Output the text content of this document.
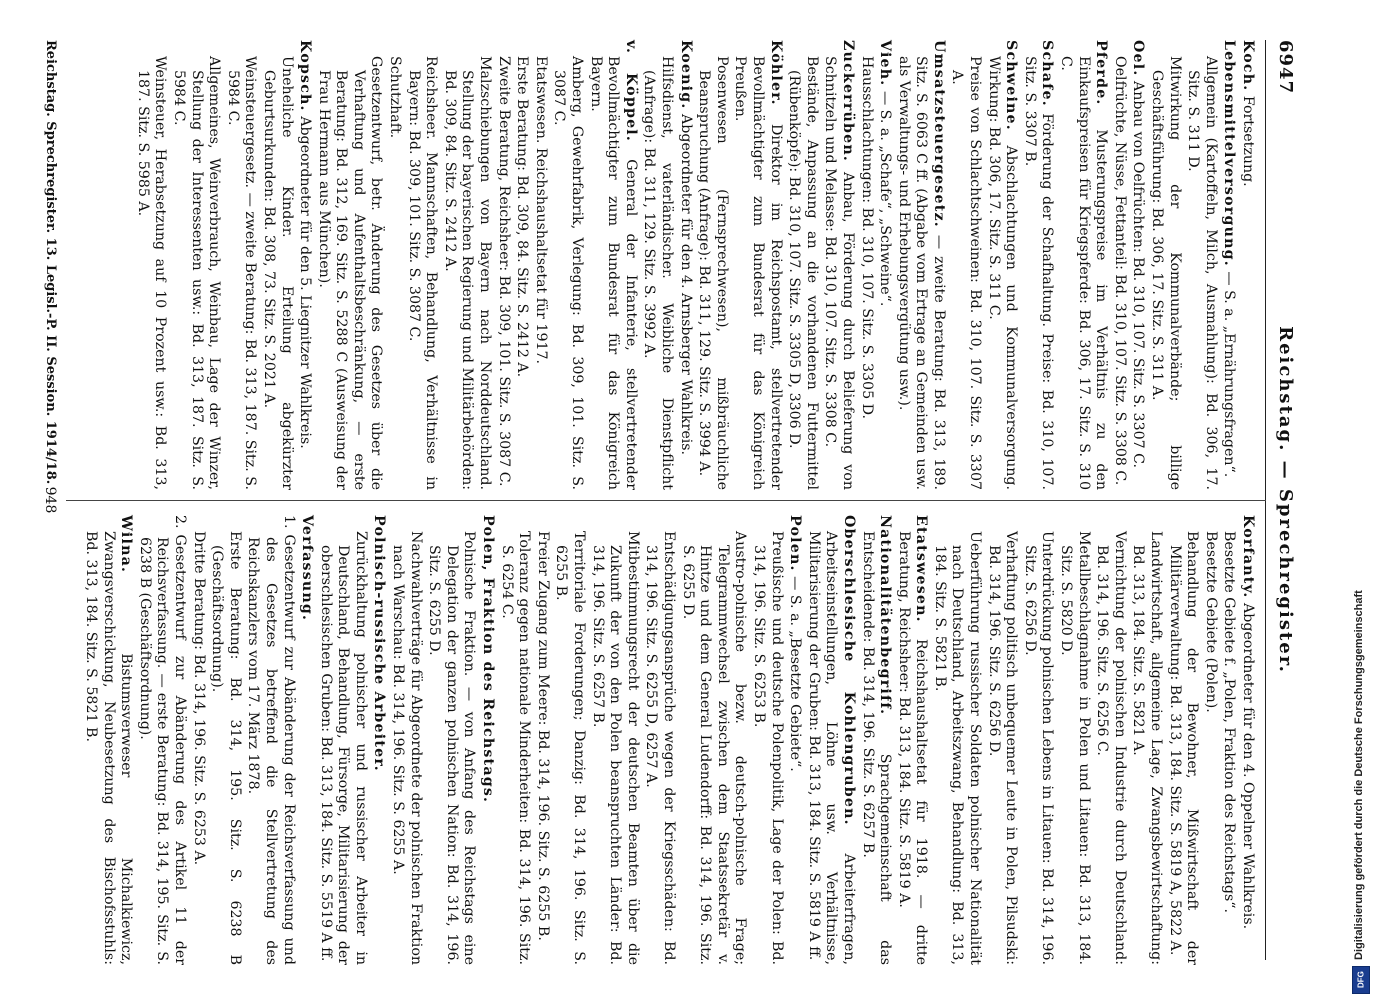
6947
Reichstag. — Sprechregister.
Koch. Fortsetzung.
Lebensmittelversorgung. — S. a. „Ernährungsfragen“.
Allgemein (Kartoffeln, Milch, Ausmahlung): Bd. 306, 17. Sitz. S. 311 D.
Mitwirkung der Kommunalverbände; billige Geschäftsführung: Bd. 306, 17. Sitz. S. 311 A.
Oel. Anbau von Oelfrüchten: Bd. 310, 107. Sitz. S. 3307 C.
Oelfrüchte, Nüsse, Fettanteil: Bd. 310, 107. Sitz. S. 3308 C.
Pferde. Musterungspreise im Verhältnis zu den Einkaufspreisen für Kriegspferde: Bd. 306, 17. Sitz. S. 310 C.
Schafe. Förderung der Schafhaltung. Preise: Bd. 310, 107. Sitz. S. 3307 B.
Schweine. Abschlachtungen und Kommunalversorgung. Wirkung: Bd. 306, 17. Sitz. S. 311 C.
Preise von Schlachtschweinen: Bd. 310, 107. Sitz. S. 3307 A.
Umsatzsteuergesetz. — zweite Beratung: Bd. 313, 189. Sitz. S. 6063 C ff. (Abgabe vom Ertrage an Gemeinden usw. als Verwaltungs- und Erhebungsvergütung usw.).
Vieh. — S. a. „Schafe“, „Schweine“.
Hausschlachtungen: Bd. 310, 107. Sitz. S. 3305 D.
Zuckerrüben. Anbau, Förderung durch Belieferung von Schnitzeln und Melasse: Bd. 310, 107. Sitz. S. 3308 C.
Bestände, Anpassung an die vorhandenen Futtermittel (Rübenköpfe): Bd. 310, 107. Sitz. S. 3305 D, 3306 D.
Köhler. Direktor im Reichspostamt, stellvertretender Bevollmächtigter zum Bundesrat für das Königreich Preußen.
Posenwesen (Fernsprechwesen), mißbräuchliche Beanspruchung (Anfrage): Bd. 311, 129. Sitz. S. 3994 A.
Koenig. Abgeordneter für den 4. Arnsberger Wahlkreis.
Hilfsdienst, vaterländischer. Weibliche Dienstpflicht (Anfrage): Bd. 311, 129. Sitz. S. 3992 A.
v. Köppel. General der Infanterie, stellvertretender Bevollmächtigter zum Bundesrat für das Königreich Bayern.
Amberg, Gewehrfabrik, Verlegung: Bd. 309, 101. Sitz. S. 3087 C.
Etatswesen. Reichshaushaltsetat für 1917.
Erste Beratung: Bd. 309, 84. Sitz. S. 2412 A.
Zweite Beratung, Reichsheer: Bd. 309, 101. Sitz. S. 3087 C.
Malzschiebungen von Bayern nach Norddeutschland. Stellung der bayerischen Regierung und Militärbehörden: Bd. 309, 84. Sitz. S. 2412 A.
Reichsheer. Mannschaften, Behandlung, Verhältnisse in Bayern: Bd. 309, 101. Sitz. S. 3087 C.
Schutzhaft.
Gesetzentwurf, betr. Änderung des Gesetzes über die Verhaftung und Aufenthaltsbeschränkung, — erste Beratung: Bd. 312, 169. Sitz. S. 5288 C (Ausweisung der Frau Hermann aus München).
Kopsch. Abgeordneter für den 5. Liegnitzer Wahlkreis.
Uneheliche Kinder. Erteilung abgekürzter Geburtsurkunden: Bd. 308, 73. Sitz. S. 2021 A.
Weinsteuergesetz. — zweite Beratung: Bd. 313, 187. Sitz. S. 5984 C.
Allgemeines, Weinverbrauch, Weinbau, Lage der Winzer, Stellung der Interessenten usw.: Bd. 313, 187. Sitz. S. 5984 C.
Weinsteuer, Herabsetzung auf 10 Prozent usw.: Bd. 313, 187. Sitz. S. 5985 A.
Korfanty. Abgeordneter für den 4. Oppelner Wahlkreis.
Besetzte Gebiete f. „Polen, Fraktion des Reichstags“.
Besetzte Gebiete (Polen).
Behandlung der Bewohner, Mißwirtschaft der Militärverwaltung: Bd. 313, 184. Sitz. S. 5819 A, 5822 A.
Landwirtschaft, allgemeine Lage, Zwangsbewirtschaftung: Bd. 313, 184. Sitz. S. 5821 A.
Vernichtung der polnischen Industrie durch Deutschland: Bd. 314, 196. Sitz. S. 6256 C.
Metallbeschlagnahme in Polen und Litauen: Bd. 313, 184. Sitz. S. 5820 D.
Unterdrückung polnischen Lebens in Litauen: Bd. 314, 196. Sitz. S. 6256 D.
Verhaftung politisch unbequemer Leute in Polen, Pilsudski: Bd. 314, 196. Sitz. S. 6256 D.
Ueberführung russischer Soldaten polnischer Nationalität nach Deutschland, Arbeitszwang, Behandlung: Bd. 313, 184. Sitz. S. 5821 B.
Etatswesen. Reichshaushaltsetat für 1918. — dritte Beratung, Reichsheer: Bd. 313, 184. Sitz. S. 5819 A.
Nationalitätenbegriff. Sprachgemeinschaft das Entscheidende: Bd. 314, 196. Sitz. S. 6257 B.
Oberschlesische Kohlengruben. Arbeiterfragen, Arbeitseinstellungen, Löhne usw. Verhältnisse, Militarisierung der Gruben: Bd. 313, 184. Sitz. S. 5819 A ff.
Polen. — S. a. „Besetzte Gebiete“.
Preußische und deutsche Polenpolitik, Lage der Polen: Bd. 314, 196. Sitz. S. 6253 B.
Austro-polnische bezw. deutsch-polnische Frage; Telegrammwechsel zwischen dem Staatssekretär v. Hintze und dem General Ludendorff: Bd. 314, 196. Sitz. S. 6255 D.
Entschädigungsansprüche wegen der Kriegsschäden: Bd. 314, 196. Sitz. S. 6255 D, 6257 A.
Mitbestimmungsrecht der deutschen Beamten über die Zukunft der von den Polen beanspruchten Länder: Bd. 314, 196. Sitz. S. 6257 B.
Territoriale Forderungen; Danzig: Bd. 314, 196. Sitz. S. 6255 B.
Freier Zugang zum Meere: Bd. 314, 196. Sitz. S. 6255 B.
Toleranz gegen nationale Minderheiten: Bd. 314, 196. Sitz. S. 6254 C.
Polen, Fraktion des Reichstags.
Polnische Fraktion. — von Anfang des Reichstags eine Delegation der ganzen polnischen Nation: Bd. 314, 196. Sitz. S. 6255 D.
Nachwahlverträge für Abgeordnete der polnischen Fraktion nach Warschau: Bd. 314, 196. Sitz. S. 6255 A.
Polnisch-russische Arbeiter.
Zurückhaltung polnischer und russischer Arbeiter in Deutschland, Behandlung, Fürsorge, Militarisierung der oberschlesischen Gruben: Bd. 313, 184. Sitz. S. 5519 A ff.
Verfassung.
1.Gesetzentwurf zur Abänderung der Reichsverfassung und des Gesetzes betreffend die Stellvertretung des Reichskanzlers vom 17. März 1878.
Erste Beratung: Bd. 314, 195. Sitz. S. 6238 B (Geschäftsordnung).
Dritte Beratung: Bd. 314, 196. Sitz. S. 6253 A.
2.Gesetzentwurf zur Abänderung des Artikel 11 der Reichsverfassung. — erste Beratung: Bd. 314, 195. Sitz. S. 6238 B (Geschäftsordnung).
Wilna. Bistumsverweser Michalkiewicz, Zwangsverschickung, Neubesetzung des Bischofsstuhls: Bd. 313, 184. Sitz. S. 5821 B.
Reichstag. Sprechregister. 13. Legisl.-P. II. Session. 1914/18.
948
Digitalisierung gefördert durch die Deutsche Forschungsgemeinschaft
DFG
